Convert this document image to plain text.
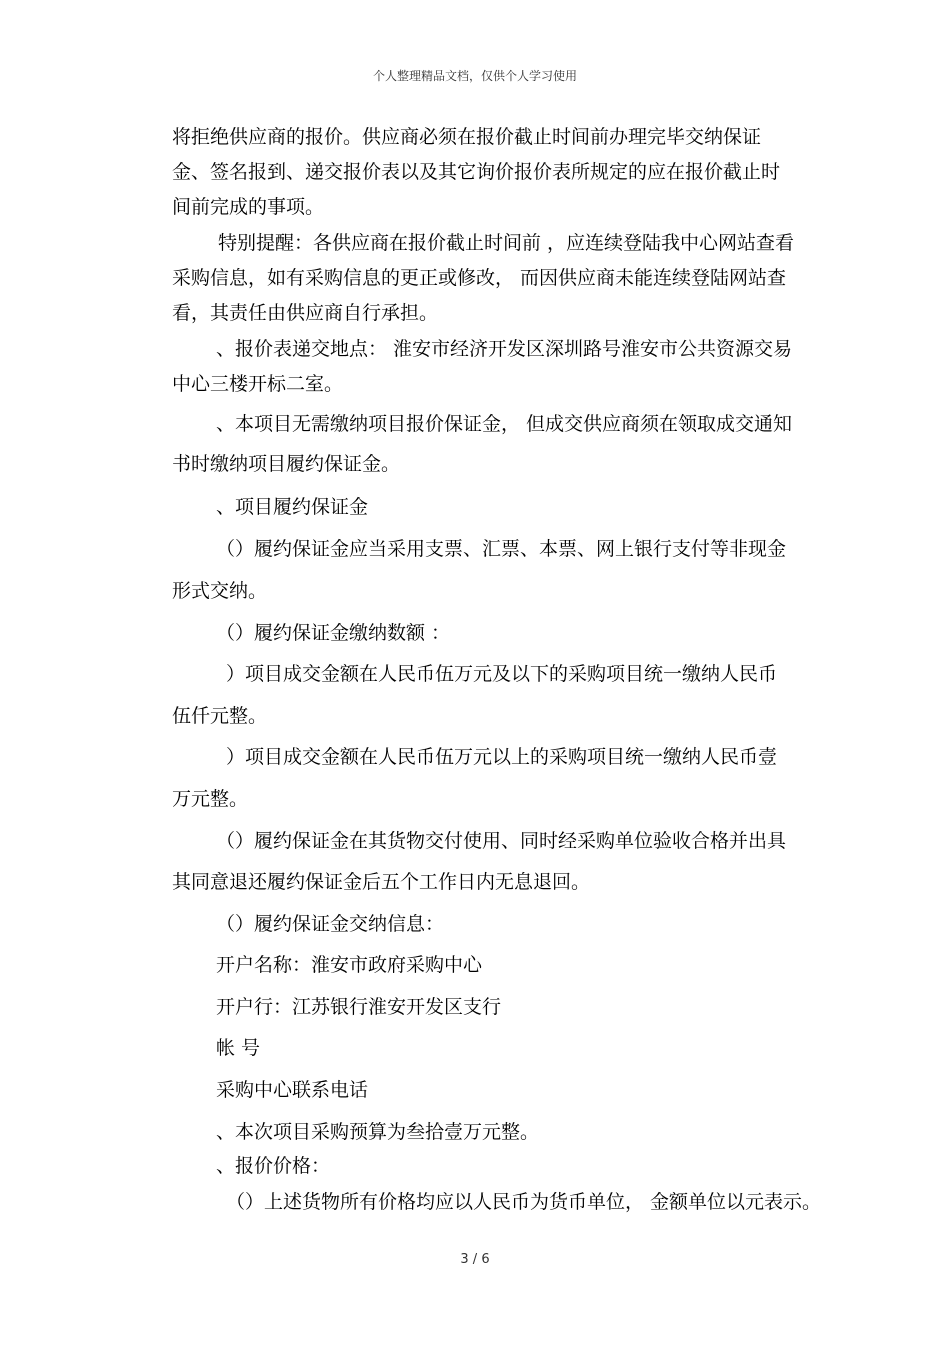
个人整理精品文档，仅供个人学习使用
将拒绝供应商的报价。供应商必须在报价截止时间前办理完毕交纳保证
金、签名报到、递交报价表以及其它询价报价表所规定的应在报价截止时
间前完成的事项。
特别提醒：各供应商在报价截止时间前 ，应连续登陆我中心网站查看
采购信息，如有采购信息的更正或修改， 而因供应商未能连续登陆网站查
看，其责任由供应商自行承担。
、报价表递交地点： 淮安市经济开发区深圳路号淮安市公共资源交易
中心三楼开标二室。
、本项目无需缴纳项目报价保证金， 但成交供应商须在领取成交通知
书时缴纳项目履约保证金。
、项目履约保证金
（）履约保证金应当采用支票、汇票、本票、网上银行支付等非现金
形式交纳。
（）履约保证金缴纳数额 ：
）项目成交金额在人民币伍万元及以下的采购项目统一缴纳人民币
伍仟元整。
）项目成交金额在人民币伍万元以上的采购项目统一缴纳人民币壹
万元整。
（）履约保证金在其货物交付使用、同时经采购单位验收合格并出具
其同意退还履约保证金后五个工作日内无息退回。
（）履约保证金交纳信息：
开户名称：淮安市政府采购中心
开户行：江苏银行淮安开发区支行
帐 号
采购中心联系电话
、本次项目采购预算为叁拾壹万元整。
、报价价格：
（）上述货物所有价格均应以人民币为货币单位， 金额单位以元表示。
3 / 6
